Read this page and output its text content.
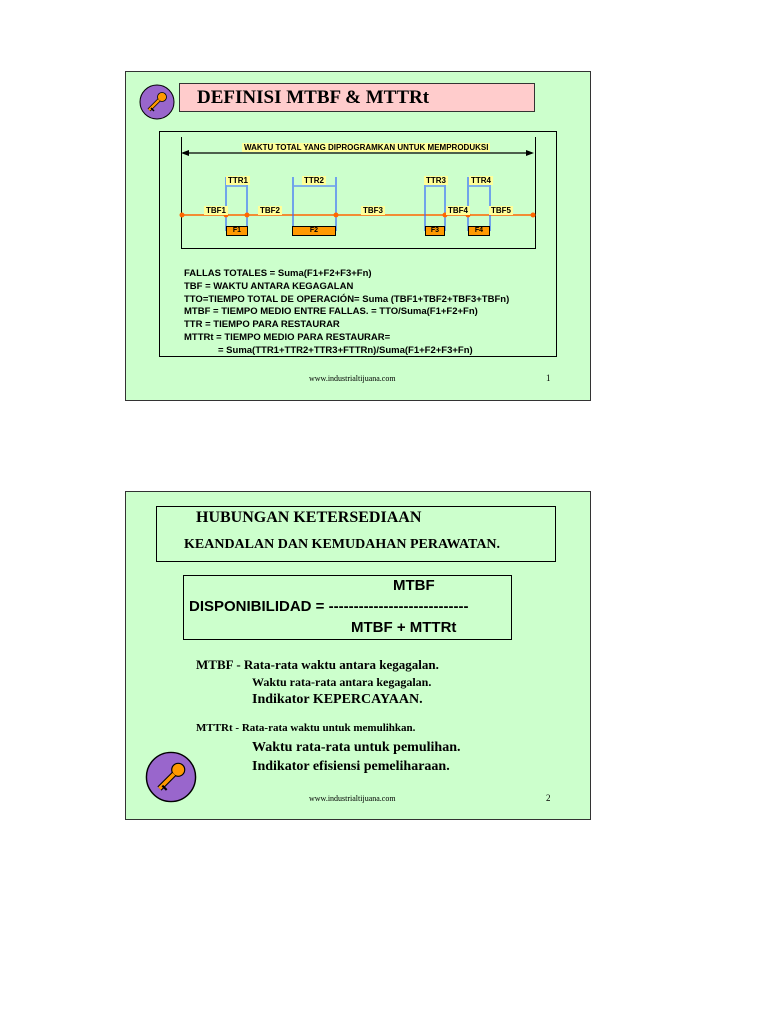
DEFINISI MTBF & MTTRt
WAKTU TOTAL YANG DIPROGRAMKAN UNTUK MEMPRODUKSI
TTR1	TTR2	TTR3	TTR4
TBF1	TBF2	TBF3	TBF4	TBF5
F1	F2	F3	F4
FALLAS TOTALES = Suma(F1+F2+F3+Fn)
TBF = WAKTU ANTARA KEGAGALAN
TTO=TIEMPO TOTAL DE OPERACIÓN= Suma (TBF1+TBF2+TBF3+TBFn)
MTBF = TIEMPO MEDIO ENTRE FALLAS. = TTO/Suma(F1+F2+Fn)
TTR = TIEMPO PARA RESTAURAR
MTTRt = TIEMPO MEDIO PARA RESTAURAR=
= Suma(TTR1+TTR2+TTR3+FTTRn)/Suma(F1+F2+F3+Fn)
www.industrialtijuana.com	1
HUBUNGAN KETERSEDIAAN
KEANDALAN DAN KEMUDAHAN PERAWATAN.
MTBF
DISPONIBILIDAD = ----------------------------
MTBF + MTTRt
MTBF - Rata-rata waktu antara kegagalan.
Waktu rata-rata antara kegagalan.
Indikator KEPERCAYAAN.
MTTRt - Rata-rata waktu untuk memulihkan.
Waktu rata-rata untuk pemulihan.
Indikator efisiensi pemeliharaan.
www.industrialtijuana.com	2
